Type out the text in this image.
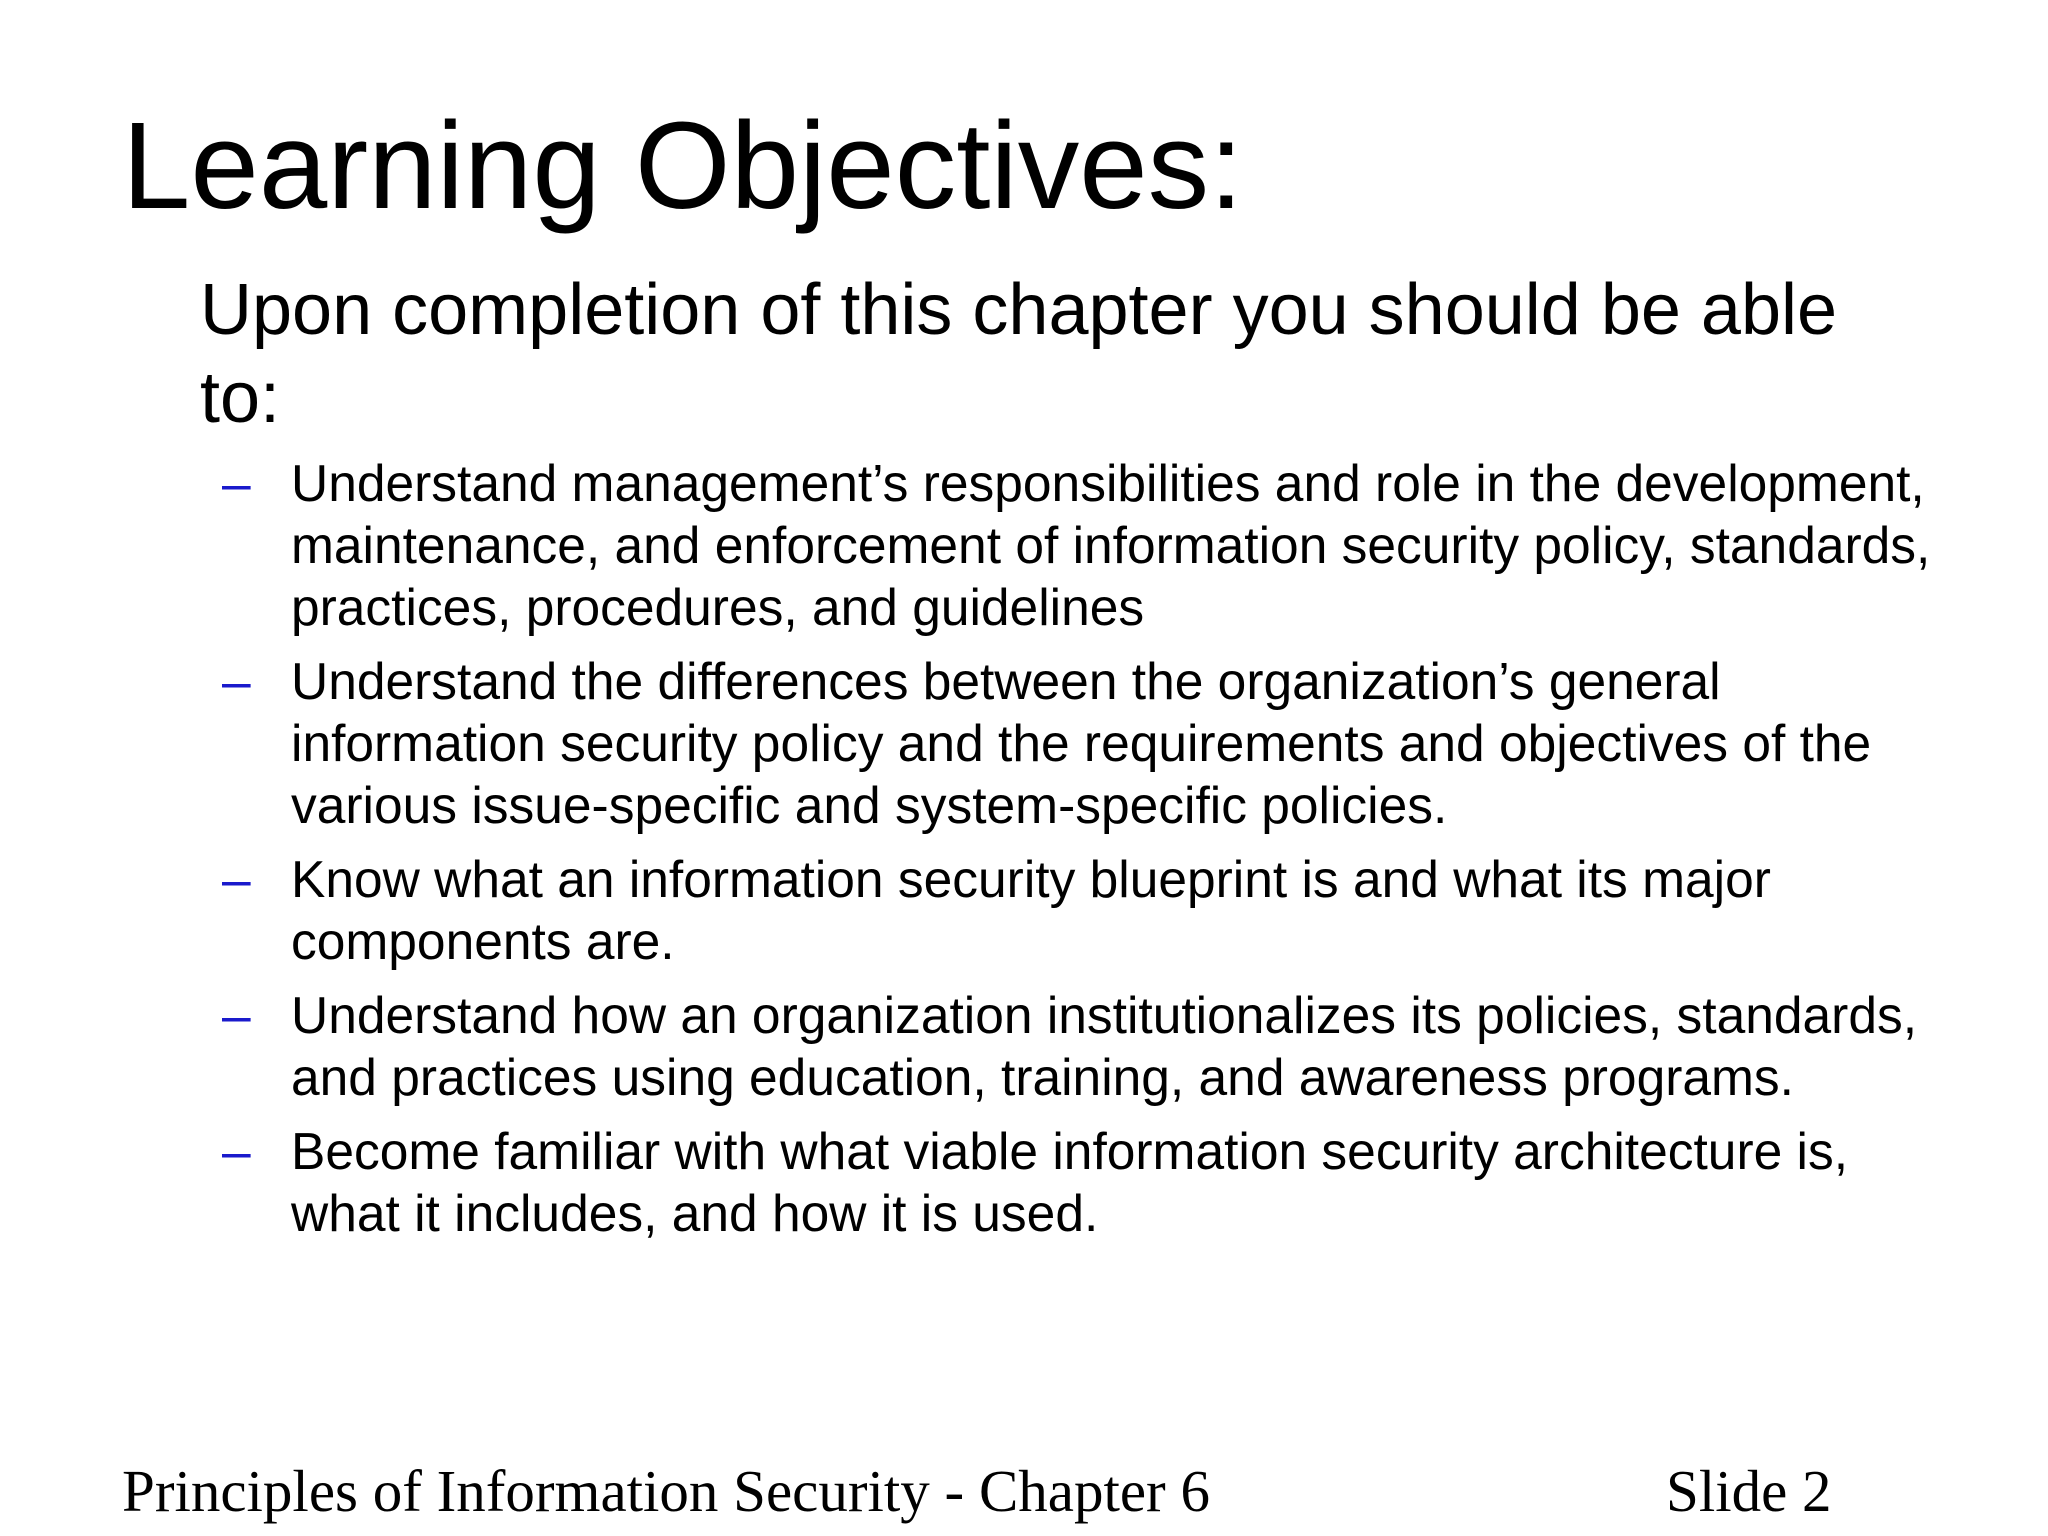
Learning Objectives:
Upon completion of this chapter you should be able to:
– Understand management’s responsibilities and role in the development, maintenance, and enforcement of information security policy, standards, practices, procedures, and guidelines
– Understand the differences between the organization’s general information security policy and the requirements and objectives of the various issue-specific and system-specific policies.
– Know what an information security blueprint is and what its major components are.
– Understand how an organization institutionalizes its policies, standards, and practices using education, training, and awareness programs.
– Become familiar with what viable information security architecture is, what it includes, and how it is used.
Principles of Information Security - Chapter 6	Slide 2
